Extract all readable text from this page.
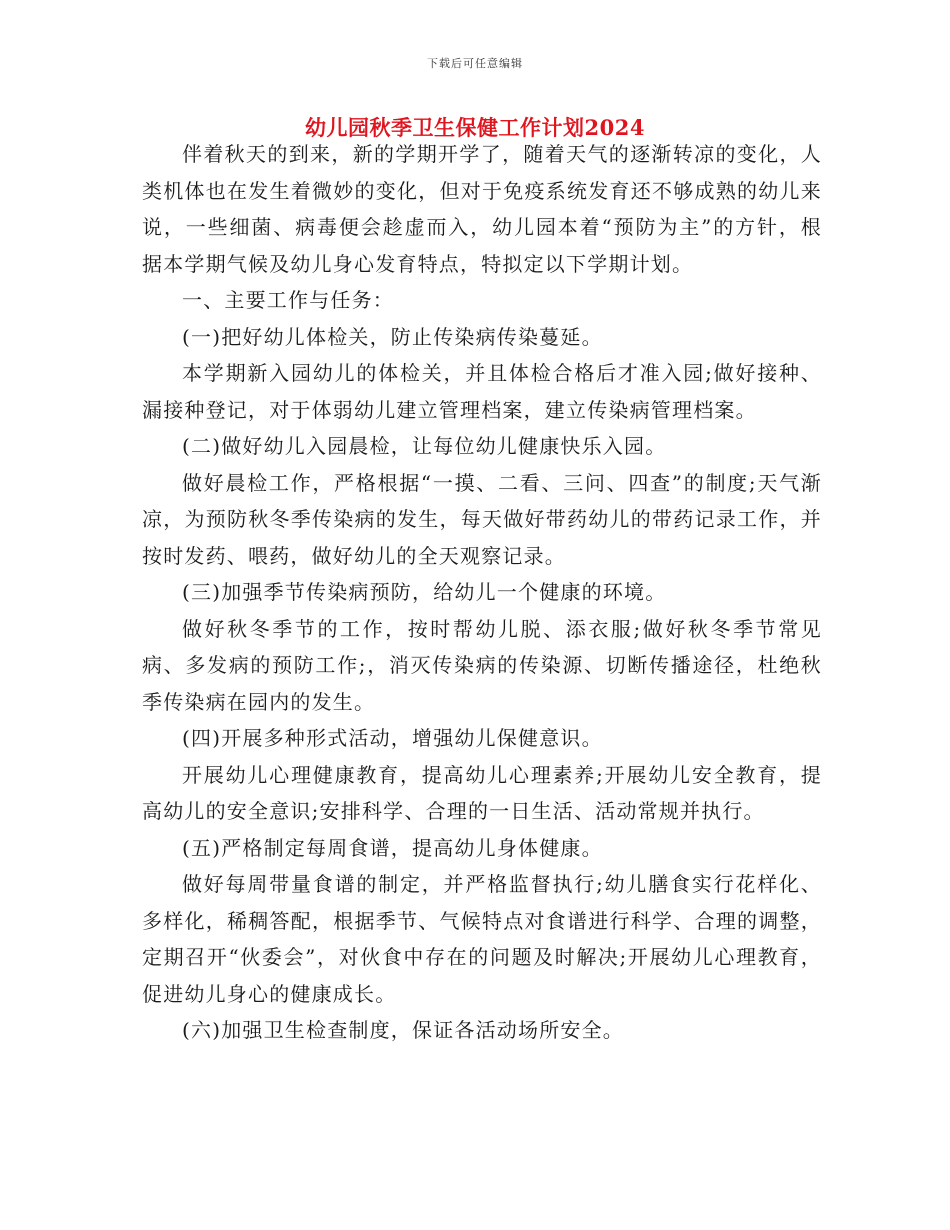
下载后可任意编辑
幼儿园秋季卫生保健工作计划2024

伴着秋天的到来，新的学期开学了，随着天气的逐渐转凉的变化，人类机体也在发生着微妙的变化，但对于免疫系统发育还不够成熟的幼儿来说，一些细菌、病毒便会趁虚而入，幼儿园本着“预防为主”的方针，根据本学期气候及幼儿身心发育特点，特拟定以下学期计划。

一、主要工作与任务：

(一)把好幼儿体检关，防止传染病传染蔓延。

本学期新入园幼儿的体检关，并且体检合格后才准入园;做好接种、漏接种登记，对于体弱幼儿建立管理档案，建立传染病管理档案。

(二)做好幼儿入园晨检，让每位幼儿健康快乐入园。

做好晨检工作，严格根据“一摸、二看、三问、四查”的制度;天气渐凉，为预防秋冬季传染病的发生，每天做好带药幼儿的带药记录工作，并按时发药、喂药，做好幼儿的全天观察记录。

(三)加强季节传染病预防，给幼儿一个健康的环境。

做好秋冬季节的工作，按时帮幼儿脱、添衣服;做好秋冬季节常见病、多发病的预防工作;，消灭传染病的传染源、切断传播途径，杜绝秋季传染病在园内的发生。

(四)开展多种形式活动，增强幼儿保健意识。

开展幼儿心理健康教育，提高幼儿心理素养;开展幼儿安全教育，提高幼儿的安全意识;安排科学、合理的一日生活、活动常规并执行。

(五)严格制定每周食谱，提高幼儿身体健康。

做好每周带量食谱的制定，并严格监督执行;幼儿膳食实行花样化、多样化，稀稠答配，根据季节、气候特点对食谱进行科学、合理的调整，定期召开“伙委会”，对伙食中存在的问题及时解决;开展幼儿心理教育，促进幼儿身心的健康成长。

(六)加强卫生检查制度，保证各活动场所安全。
